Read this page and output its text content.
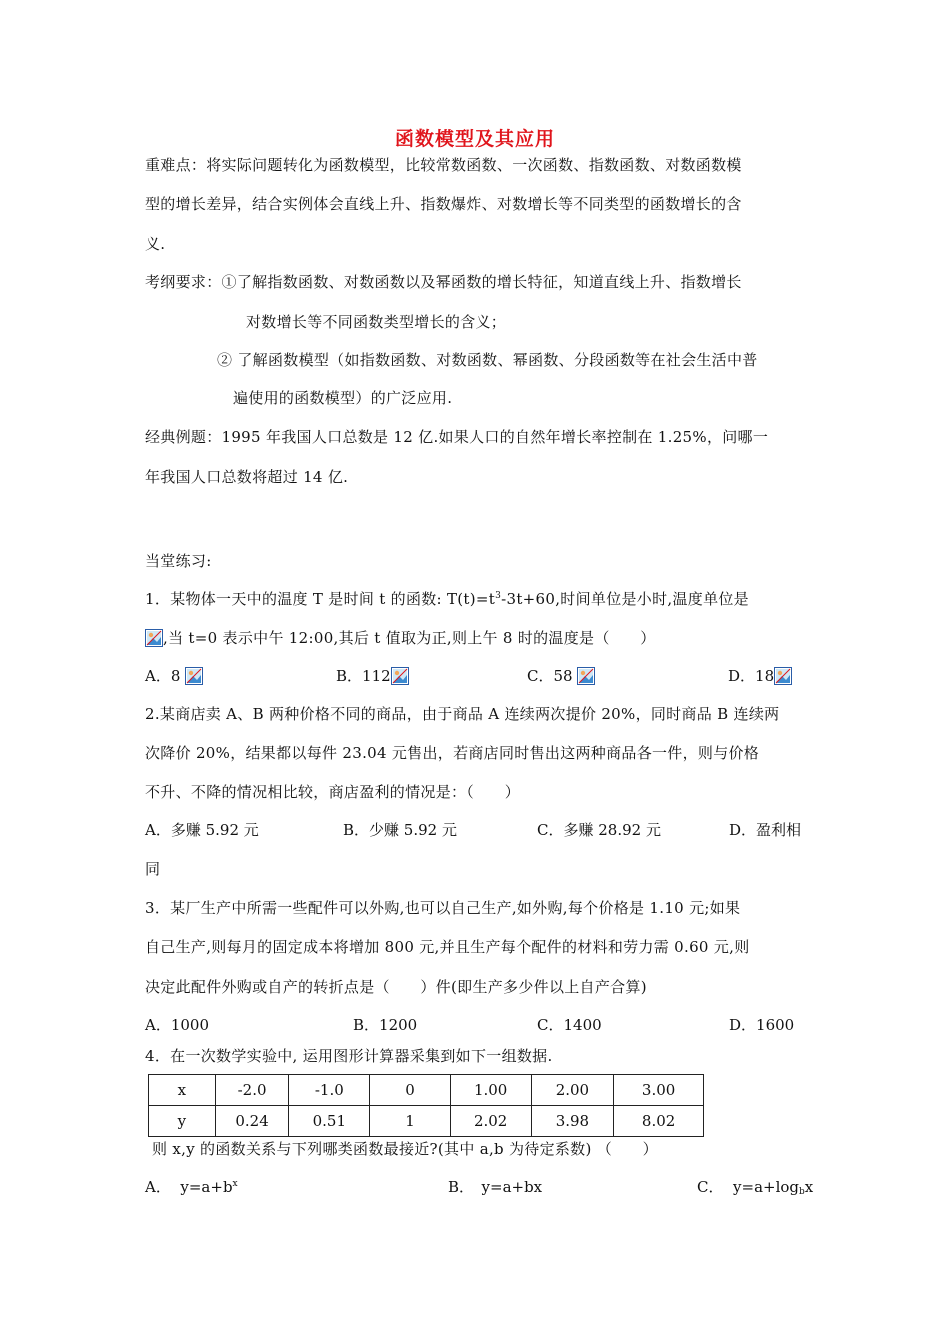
函数模型及其应用
重难点：将实际问题转化为函数模型，比较常数函数、一次函数、指数函数、对数函数模
型的增长差异，结合实例体会直线上升、指数爆炸、对数增长等不同类型的函数增长的含
义.
考纲要求：①了解指数函数、对数函数以及幂函数的增长特征，知道直线上升、指数增长
对数增长等不同函数类型增长的含义；
② 了解函数模型（如指数函数、对数函数、幂函数、分段函数等在社会生活中普
遍使用的函数模型）的广泛应用.
经典例题：1995 年我国人口总数是 12 亿.如果人口的自然年增长率控制在 1.25%，问哪一
年我国人口总数将超过 14 亿.
当堂练习:
1．某物体一天中的温度 T 是时间 t 的函数: $T(t)=t^3-3t+60$,时间单位是小时,温度单位是
,当 t=0 表示中午 12:00,其后 t 值取为正,则上午 8 时的温度是（　　）
A．8	B．112	C．58	D．18
2.某商店卖 A、B 两种价格不同的商品，由于商品 A 连续两次提价 20%，同时商品 B 连续两
次降价 20%，结果都以每件 23.04 元售出，若商店同时售出这两种商品各一件，则与价格
不升、不降的情况相比较，商店盈利的情况是：（　　）
A．多赚 5.92 元	B．少赚 5.92 元	C．多赚 28.92 元	D．盈利相
同
3．某厂生产中所需一些配件可以外购,也可以自己生产,如外购,每个价格是 1.10 元;如果
自己生产,则每月的固定成本将增加 800 元,并且生产每个配件的材料和劳力需 0.60 元,则
决定此配件外购或自产的转折点是（　　）件(即生产多少件以上自产合算)
A．1000	B．1200	C．1400	D．1600
4．在一次数学实验中, 运用图形计算器采集到如下一组数据.
x	-2.0	-1.0	0	1.00	2.00	3.00
y	0.24	0.51	1	2.02	3.98	8.02
则 x,y 的函数关系与下列哪类函数最接近?(其中 a,b 为待定系数) （　　）
A． $y=a+b^x$	B．　y=a+bx	C． $y=a+\log_bx$
